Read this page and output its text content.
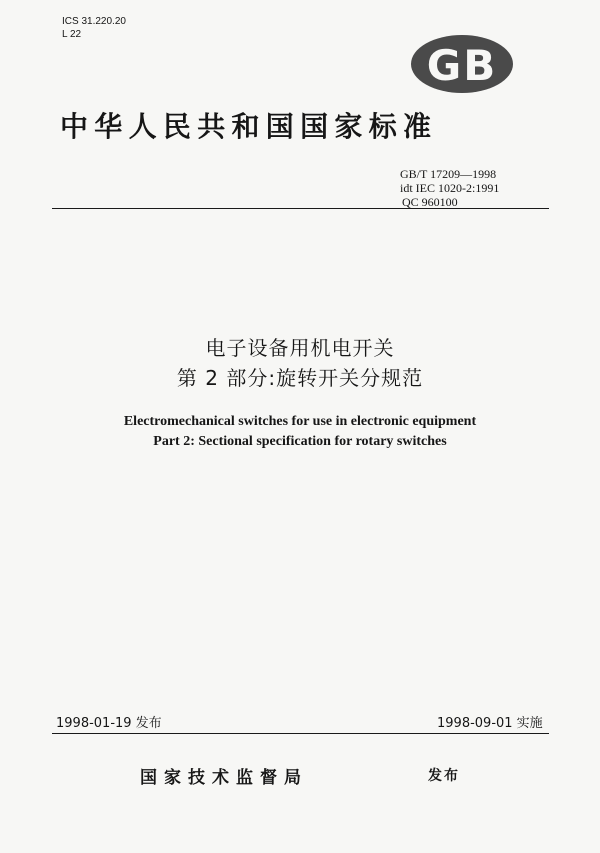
ICS 31.220.20
L 22
GB
中华人民共和国国家标准
GB/T 17209—1998
idt IEC 1020-2:1991
QC 960100
电子设备用机电开关
第 2 部分:旋转开关分规范
Electromechanical switches for use in electronic equipment
Part 2: Sectional specification for rotary switches
1998-01-19 发布	1998-09-01 实施
国家技术监督局	发布
